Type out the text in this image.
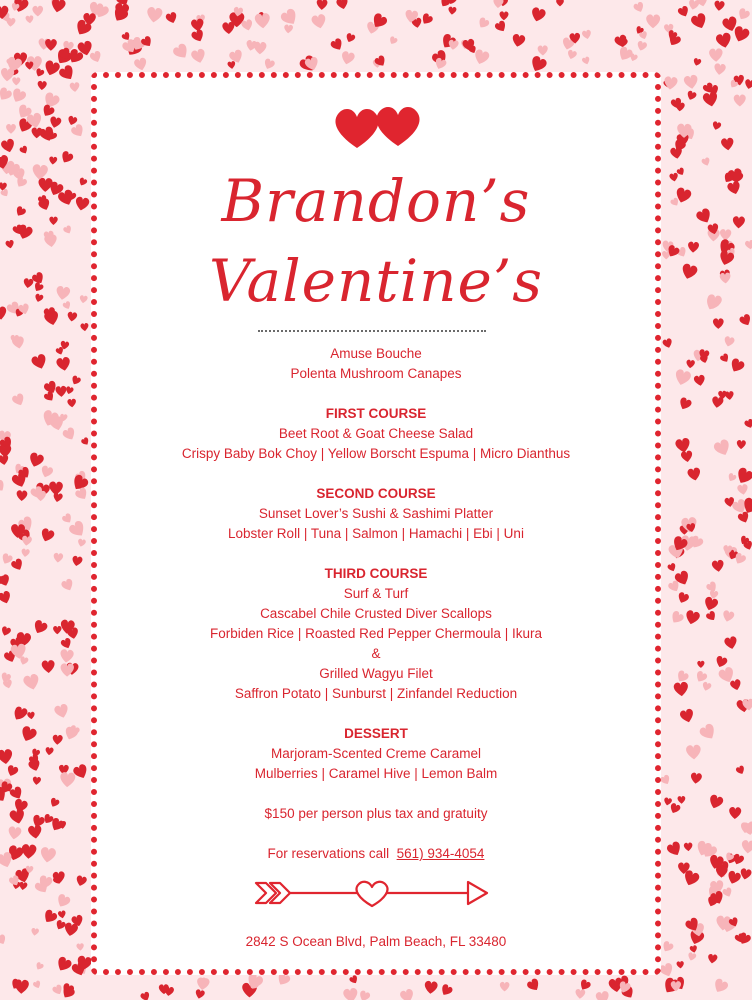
Brandon’s
Valentine’s
Amuse Bouche
Polenta Mushroom Canapes
FIRST COURSE
Beet Root & Goat Cheese Salad
Crispy Baby Bok Choy | Yellow Borscht Espuma | Micro Dianthus
SECOND COURSE
Sunset Lover’s Sushi & Sashimi Platter
Lobster Roll | Tuna | Salmon | Hamachi | Ebi | Uni
THIRD COURSE
Surf & Turf
Cascabel Chile Crusted Diver Scallops
Forbiden Rice | Roasted Red Pepper Chermoula | Ikura
&
Grilled Wagyu Filet
Saffron Potato | Sunburst | Zinfandel Reduction
DESSERT
Marjoram-Scented Creme Caramel
Mulberries | Caramel Hive | Lemon Balm
$150 per person plus tax and gratuity
For reservations call 561) 934-4054
2842 S Ocean Blvd, Palm Beach, FL 33480
